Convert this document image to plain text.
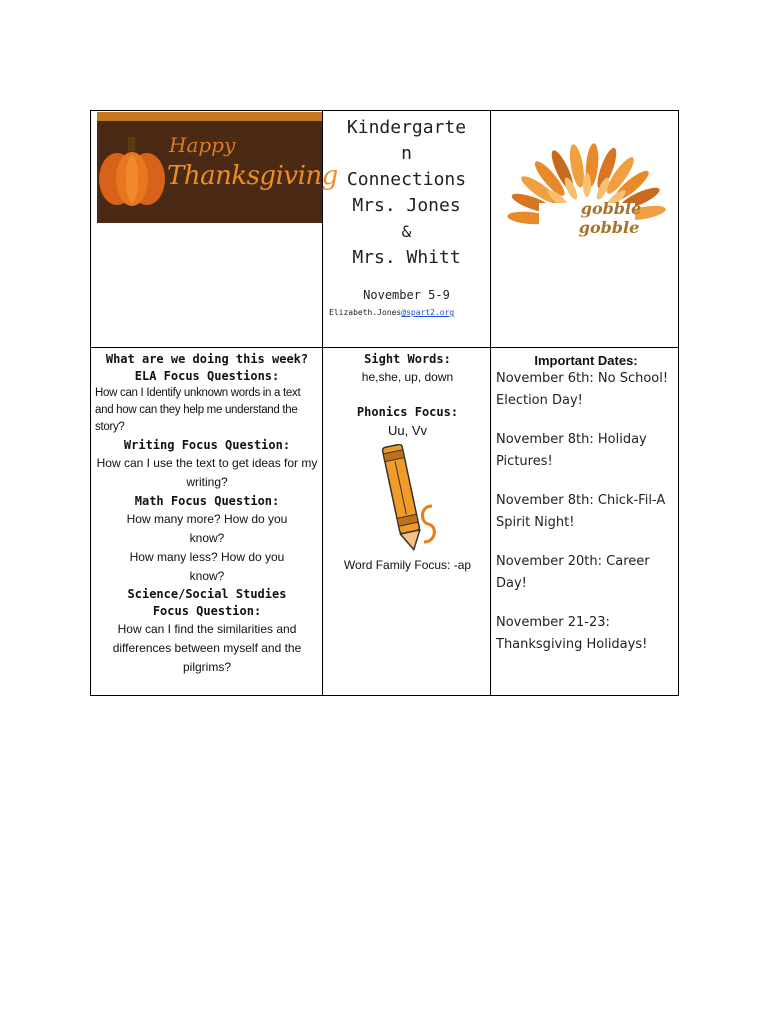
Happy
Thanksgiving
Kindergarte
n
Connections
Mrs. Jones
&
Mrs. Whitt
November 5-9
Elizabeth.Jones@spart2.org
gobble
gobble
What are we doing this week?
ELA Focus Questions:
How can I Identify unknown words in a text and how can they help me understand the story?
Writing Focus Question:
How can I use the text to get ideas for my writing?
Math Focus Question:
How many more? How do you know?
How many less? How do you know?
Science/Social Studies Focus Question:
How can I find the similarities and differences between myself and the pilgrims?
Sight Words:
he,she, up, down
Phonics Focus:
Uu, Vv
Word Family Focus: -ap
Important Dates:
November 6th: No School! Election Day!
November 8th: Holiday Pictures!
November 8th: Chick-Fil-A Spirit Night!
November 20th: Career Day!
November 21-23: Thanksgiving Holidays!
